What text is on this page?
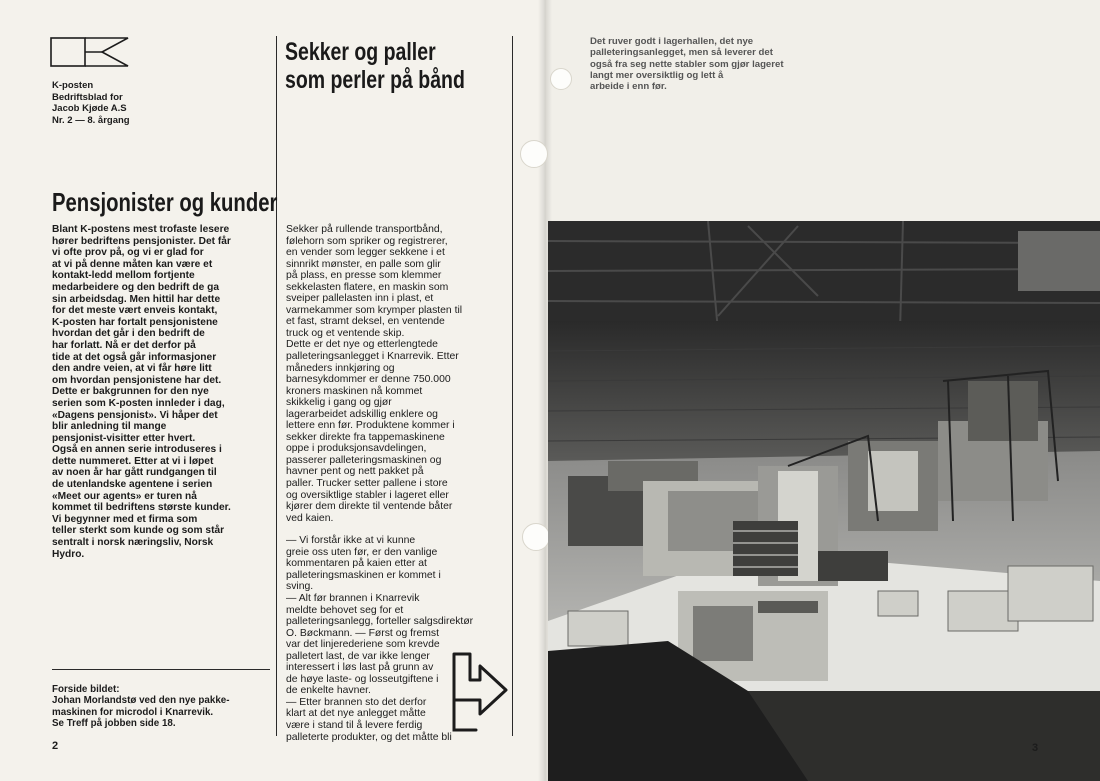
K-posten
Bedriftsblad for
Jacob Kjøde A.S
Nr. 2 — 8. årgang
Pensjonister og kunder
Blant K-postens mest trofaste lesere
hører bedriftens pensjonister. Det får
vi ofte prov på, og vi er glad for
at vi på denne måten kan være et
kontakt-ledd mellom fortjente
medarbeidere og den bedrift de ga
sin arbeidsdag. Men hittil har dette
for det meste vært enveis kontakt,
K-posten har fortalt pensjonistene
hvordan det går i den bedrift de
har forlatt. Nå er det derfor på
tide at det også går informasjoner
den andre veien, at vi får høre litt
om hvordan pensjonistene har det.
Dette er bakgrunnen for den nye
serien som K-posten innleder i dag,
«Dagens pensjonist». Vi håper det
blir anledning til mange
pensjonist-visitter etter hvert.
Også en annen serie introduseres i
dette nummeret. Etter at vi i løpet
av noen år har gått rundgangen til
de utenlandske agentene i serien
«Meet our agents» er turen nå
kommet til bedriftens største kunder.
Vi begynner med et firma som
teller sterkt som kunde og som står
sentralt i norsk næringsliv, Norsk
Hydro.
Forside bildet:
Johan Morlandstø ved den nye pakke-
maskinen for microdol i Knarrevik.
Se Treff på jobben side 18.
2
Sekker og paller
som perler på bånd
Sekker på rullende transportbånd,
følehorn som spriker og registrerer,
en vender som legger sekkene i et
sinnrikt mønster, en palle som glir
på plass, en presse som klemmer
sekkelasten flatere, en maskin som
sveiper pallelasten inn i plast, et
varmekammer som krymper plasten til
et fast, stramt deksel, en ventende
truck og et ventende skip.
Dette er det nye og etterlengtede
palleteringsanlegget i Knarrevik. Etter
måneders innkjøring og
barnesykdommer er denne 750.000
kroners maskinen nå kommet
skikkelig i gang og gjør
lagerarbeidet adskillig enklere og
lettere enn før. Produktene kommer i
sekker direkte fra tappemaskinene
oppe i produksjonsavdelingen,
passerer palleteringsmaskinen og
havner pent og nett pakket på
paller. Trucker setter pallene i store
og oversiktlige stabler i lageret eller
kjører dem direkte til ventende båter
ved kaien.
— Vi forstår ikke at vi kunne
greie oss uten før, er den vanlige
kommentaren på kaien etter at
palleteringsmaskinen er kommet i
sving.
— Alt før brannen i Knarrevik
meldte behovet seg for et
palleteringsanlegg, forteller salgsdirektør
O. Bøckmann. — Først og fremst
var det linjerederiene som krevde
palletert last, de var ikke lenger
interessert i løs last på grunn av
de høye laste- og losseutgiftene i
de enkelte havner.
— Etter brannen sto det derfor
klart at det nye anlegget måtte
være i stand til å levere ferdig
palleterte produkter, og det måtte bli
Det ruver godt i lagerhallen, det nye
palleteringsanlegget, men så leverer det
også fra seg nette stabler som gjør lageret
langt mer oversiktlig og lett å
arbeide i enn før.
3
